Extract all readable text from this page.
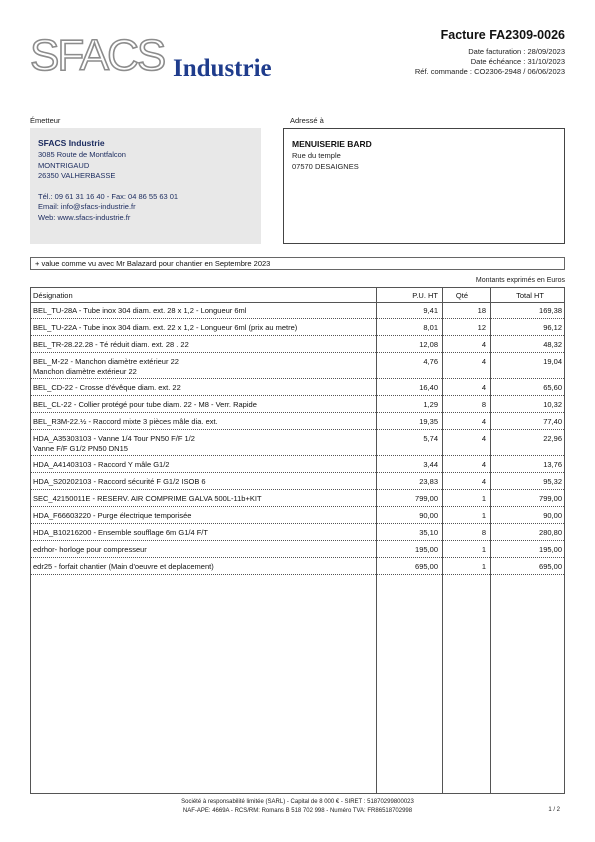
SFACS Industrie
Facture FA2309-0026
Date facturation : 28/09/2023
Date échéance : 31/10/2023
Réf. commande : CO2306-2948 / 06/06/2023
Émetteur	Adressé à
SFACS Industrie
3085 Route de Montfalcon
MONTRIGAUD
26350 VALHERBASSE
Tél.: 09 61 31 16 40 - Fax: 04 86 55 63 01
Email: info@sfacs-industrie.fr
Web: www.sfacs-industrie.fr
MENUISERIE BARD
Rue du temple
07570 DESAIGNES
+ value comme vu avec Mr Balazard pour chantier en Septembre 2023
Montants exprimés en Euros
Désignation	P.U. HT Qté	Total HT
BEL_TU-28A - Tube inox 304 diam. ext. 28 x 1,2 - Longueur 6ml	9,41	18	169,38
BEL_TU-22A - Tube inox 304 diam. ext. 22 x 1,2 - Longueur 6ml (prix au metre)	8,01	12	96,12
BEL_TR-28.22.28 - Té réduit diam. ext. 28 . 22	12,08	4	48,32
BEL_M-22 - Manchon diamètre extérieur 22
Manchon diamètre extérieur 22
4,76	4	19,04
BEL_CD-22 - Crosse d'évêque diam. ext. 22	16,40	4	65,60
BEL_CL-22 - Collier protégé pour tube diam. 22 - M8 - Verr. Rapide	1,29	8	10,32
BEL_R3M-22.½ - Raccord mixte 3 pièces mâle dia. ext.	19,35	4	77,40
HDA_A35303103 - Vanne 1/4 Tour PN50 F/F 1/2
Vanne F/F G1/2 PN50 DN15
5,74	4	22,96
HDA_A41403103 - Raccord Y mâle G1/2	3,44	4	13,76
HDA_S20202103 - Raccord sécurité F G1/2 ISOB 6	23,83	4	95,32
SEC_42150011E - RESERV. AIR COMPRIME GALVA 500L-11b+KIT	799,00	1	799,00
HDA_F66603220 - Purge électrique temporisée	90,00	1	90,00
HDA_B10216200 - Ensemble soufflage 6m G1/4 F/T	35,10	8	280,80
edrhor- horloge pour compresseur	195,00	1	195,00
edr25 - forfait chantier (Main d'oeuvre et deplacement)	695,00	1	695,00
Société à responsabilité limitée (SARL) - Capital de 8 000 € - SIRET : 51870299800023
NAF-APE: 4669A - RCS/RM: Romans B 518 702 998 - Numéro TVA: FR86518702998	1 / 2
